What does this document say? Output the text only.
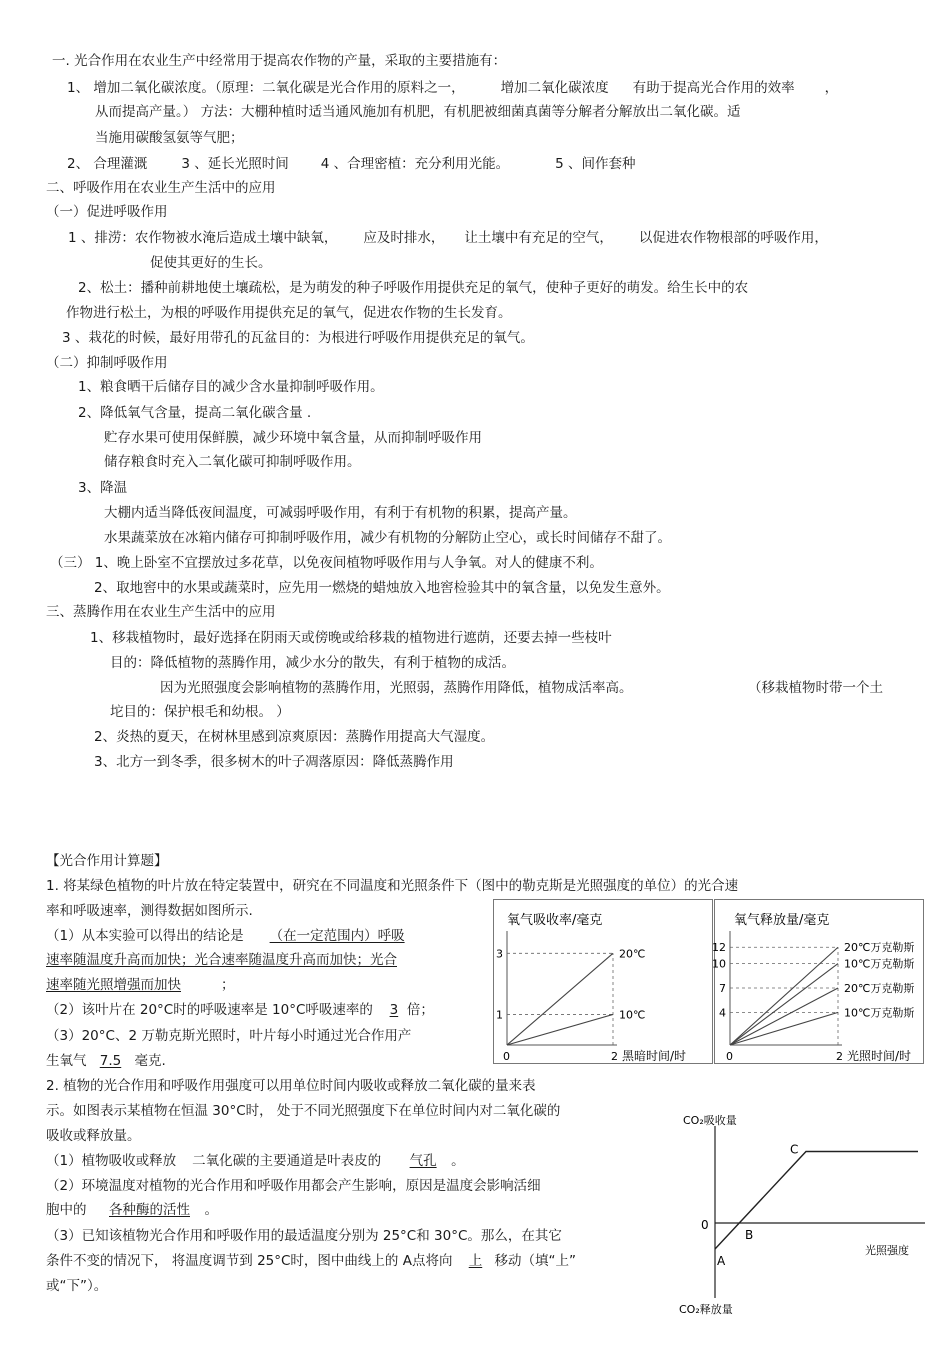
一. 光合作用在农业生产中经常用于提高农作物的产量，采取的主要措施有：
1、 增加二氧化碳浓度。（原理：二氧化碳是光合作用的原料之一，	增加二氧化碳浓度 有助于提高光合作用的效率 ，
从而提高产量。） 方法：大棚种植时适当通风施加有机肥，有机肥被细菌真菌等分解者分解放出二氧化碳。适
当施用碳酸氢氨等气肥；
2、 合理灌溉	3 、延长光照时间 4 、合理密植：充分利用光能。	5 、间作套种
二、呼吸作用在农业生产生活中的应用
（一）促进呼吸作用
1 、排涝：农作物被水淹后造成土壤中缺氧， 应及时排水， 让土壤中有充足的空气， 以促进农作物根部的呼吸作用，
促使其更好的生长。
2、松土：播种前耕地使土壤疏松，是为萌发的种子呼吸作用提供充足的氧气，使种子更好的萌发。给生长中的农
作物进行松土，为根的呼吸作用提供充足的氧气，促进农作物的生长发育。
3 、栽花的时候，最好用带孔的瓦盆目的：为根进行呼吸作用提供充足的氧气。
（二）抑制呼吸作用
1、粮食晒干后储存目的减少含水量抑制呼吸作用。
2、降低氧气含量，提高二氧化碳含量 .
贮存水果可使用保鲜膜，减少环境中氧含量，从而抑制呼吸作用
储存粮食时充入二氧化碳可抑制呼吸作用。
3、降温
大棚内适当降低夜间温度，可减弱呼吸作用，有利于有机物的积累，提高产量。
水果蔬菜放在冰箱内储存可抑制呼吸作用，减少有机物的分解防止空心，或长时间储存不甜了。
（三） 1、晚上卧室不宜摆放过多花草，以免夜间植物呼吸作用与人争氧。对人的健康不利。
2、取地窖中的水果或蔬菜时，应先用一燃烧的蜡烛放入地窖检验其中的氧含量，以免发生意外。
三、蒸腾作用在农业生产生活中的应用
1、移栽植物时，最好选择在阴雨天或傍晚或给移栽的植物进行遮荫，还要去掉一些枝叶
目的：降低植物的蒸腾作用，减少水分的散失，有利于植物的成活。
因为光照强度会影响植物的蒸腾作用，光照弱，蒸腾作用降低，植物成活率高。	（移栽植物时带一个土
坨目的：保护根毛和幼根。 ）
2、炎热的夏天，在树林里感到凉爽原因：蒸腾作用提高大气湿度。
3、北方一到冬季，很多树木的叶子凋落原因：降低蒸腾作用
【光合作用计算题】
1. 将某绿色植物的叶片放在特定装置中，研究在不同温度和光照条件下（图中的勒克斯是光照强度的单位）的光合速
率和呼吸速率，测得数据如图所示.
（1）从本实验可以得出的结论是 （在一定范围内）呼吸
速率随温度升高而加快；光合速率随温度升高而加快；光合
速率随光照增强而加快	；
（2）该叶片在 20°C时的呼吸速率是 10°C呼吸速率的 3 倍；
（3）20°C、2 万勒克斯光照时，叶片每小时通过光合作用产
生氧气 7.5 毫克.
2. 植物的光合作用和呼吸作用强度可以用单位时间内吸收或释放二氧化碳的量来表
示。如图表示某植物在恒温 30°C时， 处于不同光照强度下在单位时间内对二氧化碳的
吸收或释放量。
（1）植物吸收或释放 二氧化碳的主要通道是叶表皮的 气孔 。
（2）环境温度对植物的光合作用和呼吸作用都会产生影响，原因是温度会影响活细
胞中的 各种酶的活性 。
（3）已知该植物光合作用和呼吸作用的最适温度分别为 25°C和 30°C。那么，在其它
条件不变的情况下， 将温度调节到 25°C时，图中曲线上的 A点将向 上 移动（填“上”
或“下”）。
氧气吸收率/毫克
1
3
0	2 黑暗时间/时
20℃
10℃
氧气释放量/毫克
4
7
10
12
0	2 光照时间/时
20℃万克勒斯
10℃万克勒斯
20℃万克勒斯
10℃万克勒斯
CO₂吸收量
CO₂释放量
光照强度
0
A
B
C
